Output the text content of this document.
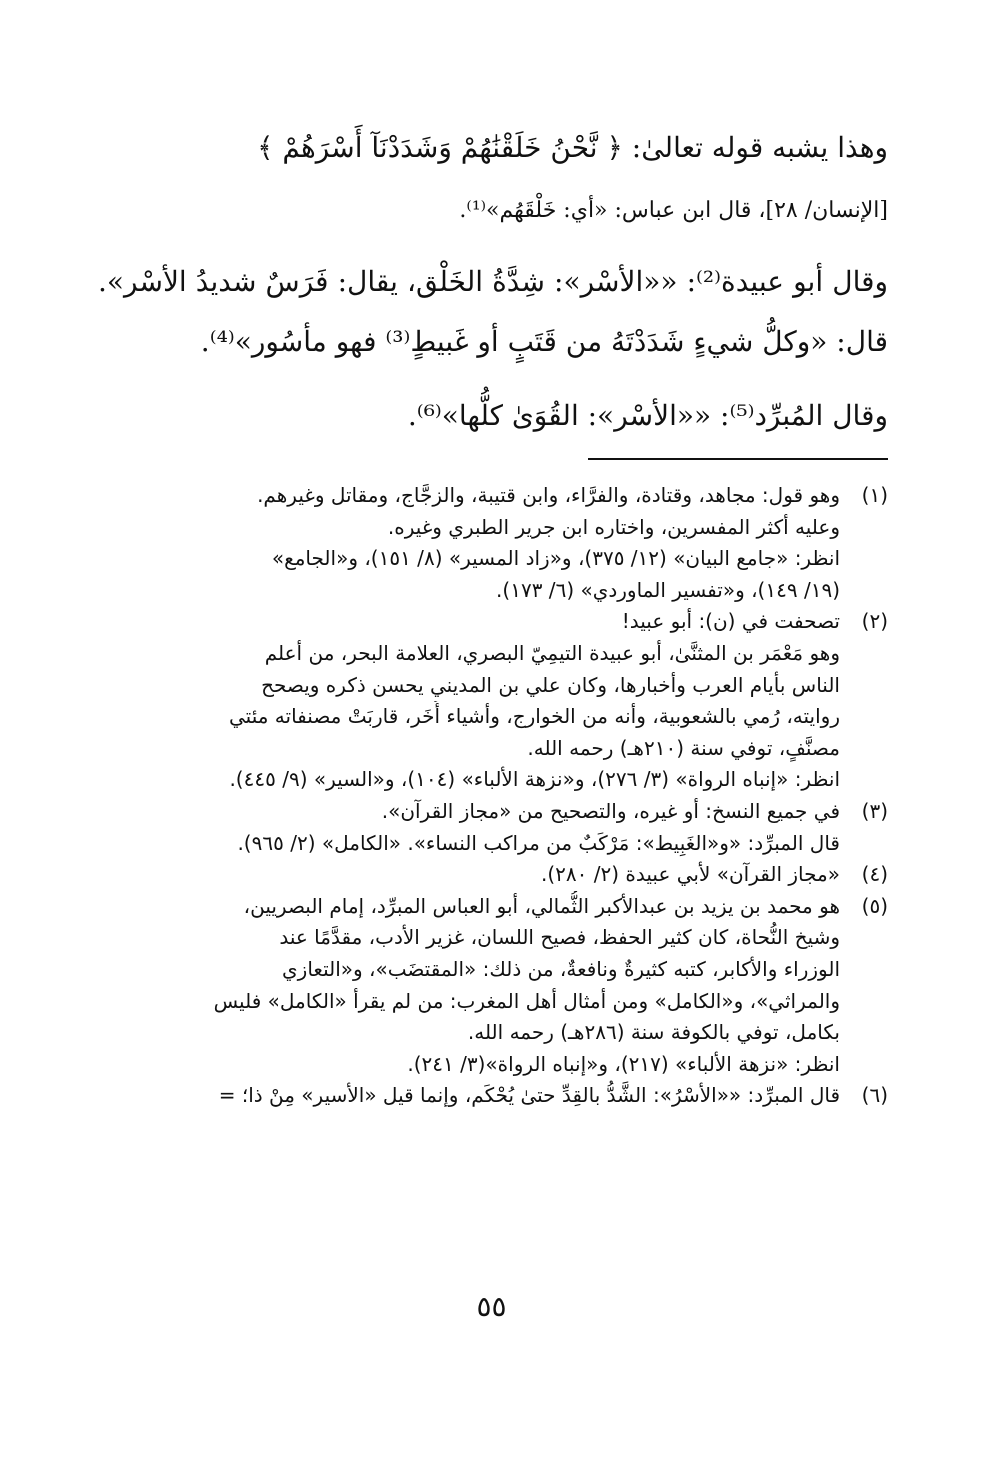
وهذا يشبه قوله تعالىٰ: ﴿ نَّحْنُ خَلَقْنَٰهُمْ وَشَدَدْنَآ أَسْرَهُمْ ﴾
[الإنسان/ ٢٨]، قال ابن عباس: «أي: خَلْقَهُم»⁽¹⁾.

وقال أبو عبيدة⁽²⁾: ««الأسْر»: شِدَّةُ الخَلْق، يقال: فَرَسٌ شديدُ الأسْر». قال: «وكلُّ شيءٍ شَدَدْتَهُ من قَتَبٍ أو غَبيطٍ⁽³⁾ فهو مأسُور»⁽⁴⁾.

وقال المُبرِّد⁽⁵⁾: ««الأسْر»: القُوَىٰ كلُّها»⁽⁶⁾.

(١)
وهو قول: مجاهد، وقتادة، والفرَّاء، وابن قتيبة، والزجَّاج، ومقاتل وغيرهم.
وعليه أكثر المفسرين، واختاره ابن جرير الطبري وغيره.
انظر: «جامع البيان» (١٢/ ٣٧٥)، و«زاد المسير» (٨/ ١٥١)، و«الجامع»
(١٩/ ١٤٩)، و«تفسير الماوردي» (٦/ ١٧٣).
(٢)
تصحفت في (ن): أبو عبيد!
وهو مَعْمَر بن المثنَّىٰ، أبو عبيدة التيمِيّ البصري، العلامة البحر، من أعلم
الناس بأيام العرب وأخبارها، وكان علي بن المديني يحسن ذكره ويصحح
روايته، رُمي بالشعوبية، وأنه من الخوارج، وأشياء أُخَر، قاربَتْ مصنفاته مئتي
مصنَّفٍ، توفي سنة (٢١٠هـ) رحمه الله.
انظر: «إنباه الرواة» (٣/ ٢٧٦)، و«نزهة الألباء» (١٠٤)، و«السير» (٩/ ٤٤٥).
(٣)
في جميع النسخ: أو غيره، والتصحيح من «مجاز القرآن».
قال المبرِّد: «و«الغَبِيط»: مَرْكَبٌ من مراكب النساء». «الكامل» (٢/ ٩٦٥).
(٤)
«مجاز القرآن» لأبي عبيدة (٢/ ٢٨٠).
(٥)
هو محمد بن يزيد بن عبدالأكبر الثُّمالي، أبو العباس المبرِّد، إمام البصريين،
وشيخ النُّحاة، كان كثير الحفظ، فصيح اللسان، غزير الأدب، مقدَّمًا عند
الوزراء والأكابر، كتبه كثيرةٌ ونافعةٌ، من ذلك: «المقتضَب»، و«التعازي
والمراثي»، و«الكامل» ومن أمثال أهل المغرب: من لم يقرأ «الكامل» فليس
بكامل، توفي بالكوفة سنة (٢٨٦هـ) رحمه الله.
انظر: «نزهة الألباء» (٢١٧)، و«إنباه الرواة»(٣/ ٢٤١).
(٦)
قال المبرِّد: ««الأسْرُ»: الشَّدُّ بالقِدِّ حتىٰ يُحْكَم، وإنما قيل «الأسير» مِنْ ذا؛ =
٥٥
